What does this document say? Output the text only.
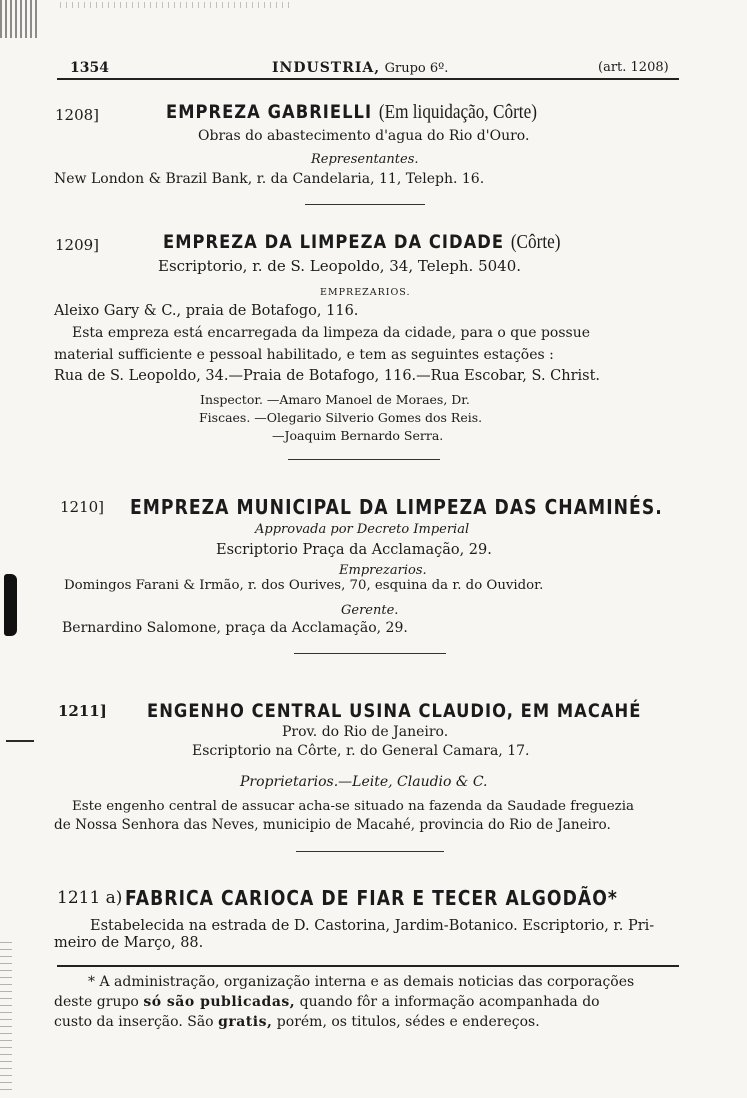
1354	INDUSTRIA, Grupo 6º.	(art. 1208)
1208]	EMPREZA GABRIELLI (Em liquidação, Côrte)
Obras do abastecimento d'agua do Rio d'Ouro.
Representantes.
New London & Brazil Bank, r. da Candelaria, 11, Teleph. 16.
1209]	EMPREZA DA LIMPEZA DA CIDADE (Côrte)
Escriptorio, r. de S. Leopoldo, 34, Teleph. 5040.
EMPREZARIOS.
Aleixo Gary & C., praia de Botafogo, 116.
Esta empreza está encarregada da limpeza da cidade, para o que possue
material sufficiente e pessoal habilitado, e tem as seguintes estações :
Rua de S. Leopoldo, 34.—Praia de Botafogo, 116.—Rua Escobar, S. Christ.
Inspector. —Amaro Manoel de Moraes, Dr.
Fiscaes. —Olegario Silverio Gomes dos Reis.
—Joaquim Bernardo Serra.
1210] EMPREZA MUNICIPAL DA LIMPEZA DAS CHAMINÉS.
Approvada por Decreto Imperial
Escriptorio Praça da Acclamação, 29.
Emprezarios.
Domingos Farani & Irmão, r. dos Ourives, 70, esquina da r. do Ouvidor.
Gerente.
Bernardino Salomone, praça da Acclamação, 29.
1211] ENGENHO CENTRAL USINA CLAUDIO, EM MACAHÉ
Prov. do Rio de Janeiro.
Escriptorio na Côrte, r. do General Camara, 17.
Proprietarios.—Leite, Claudio & C.
Este engenho central de assucar acha-se situado na fazenda da Saudade freguezia
de Nossa Senhora das Neves, municipio de Macahé, provincia do Rio de Janeiro.
1211 a) FABRICA CARIOCA DE FIAR E TECER ALGODÃO*
Estabelecida na estrada de D. Castorina, Jardim-Botanico. Escriptorio, r. Pri-
meiro de Março, 88.
* A administração, organização interna e as demais noticias das corporações
deste grupo só são publicadas, quando fôr a informação acompanhada do
custo da inserção. São gratis, porém, os titulos, sédes e endereços.
